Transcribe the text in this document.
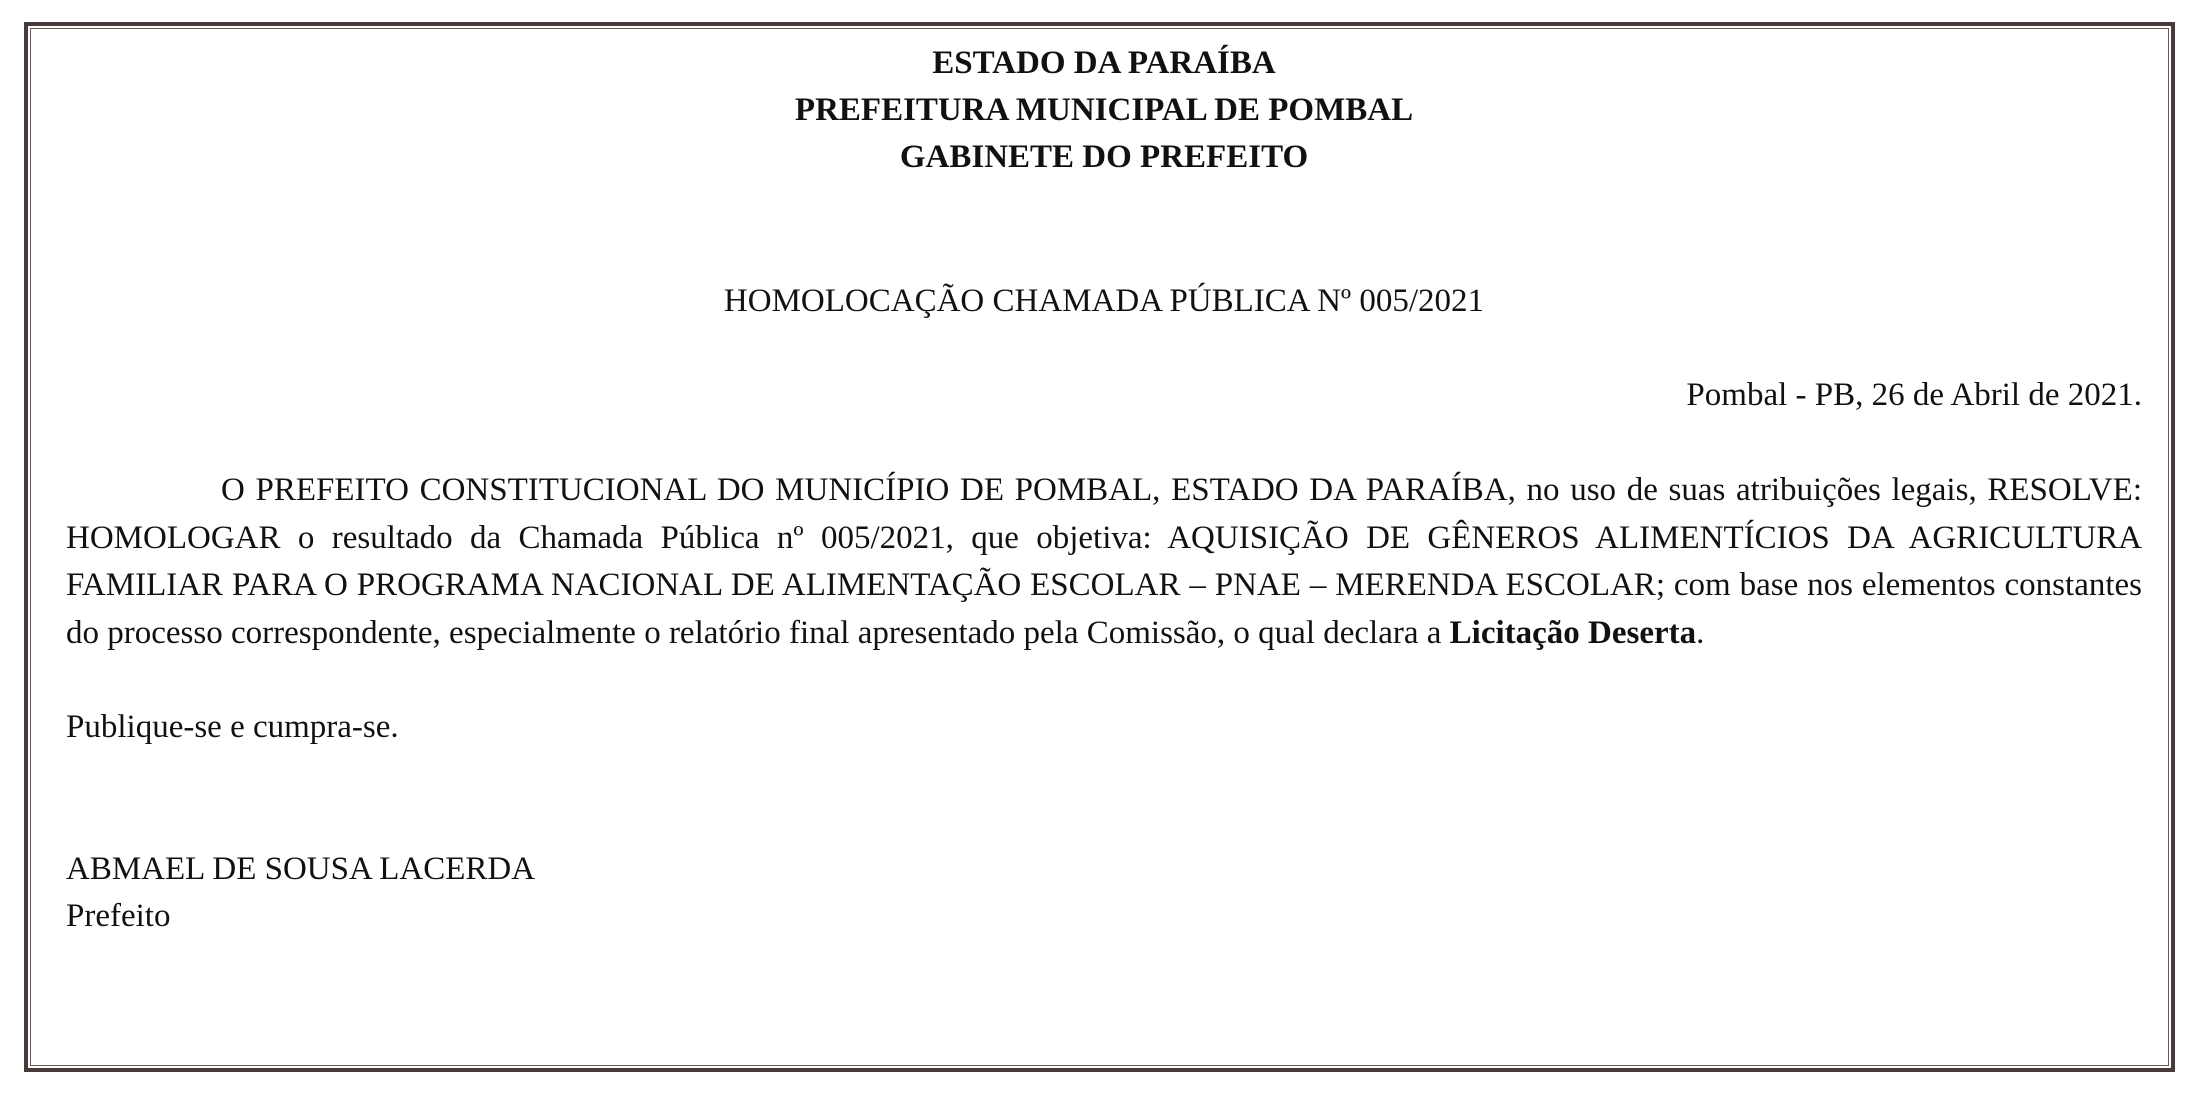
ESTADO DA PARAÍBA
PREFEITURA MUNICIPAL DE POMBAL
GABINETE DO PREFEITO
HOMOLOCAÇÃO CHAMADA PÚBLICA Nº 005/2021
Pombal - PB, 26 de Abril de 2021.
O PREFEITO CONSTITUCIONAL DO MUNICÍPIO DE POMBAL, ESTADO DA PARAÍBA, no uso de suas atribuições legais, RESOLVE: HOMOLOGAR o resultado da Chamada Pública nº 005/2021, que objetiva: AQUISIÇÃO DE GÊNEROS ALIMENTÍCIOS DA AGRICULTURA FAMILIAR PARA O PROGRAMA NACIONAL DE ALIMENTAÇÃO ESCOLAR – PNAE – MERENDA ESCOLAR; com base nos elementos constantes do processo correspondente, especialmente o relatório final apresentado pela Comissão, o qual declara a Licitação Deserta.
Publique-se e cumpra-se.
ABMAEL DE SOUSA LACERDA
Prefeito
